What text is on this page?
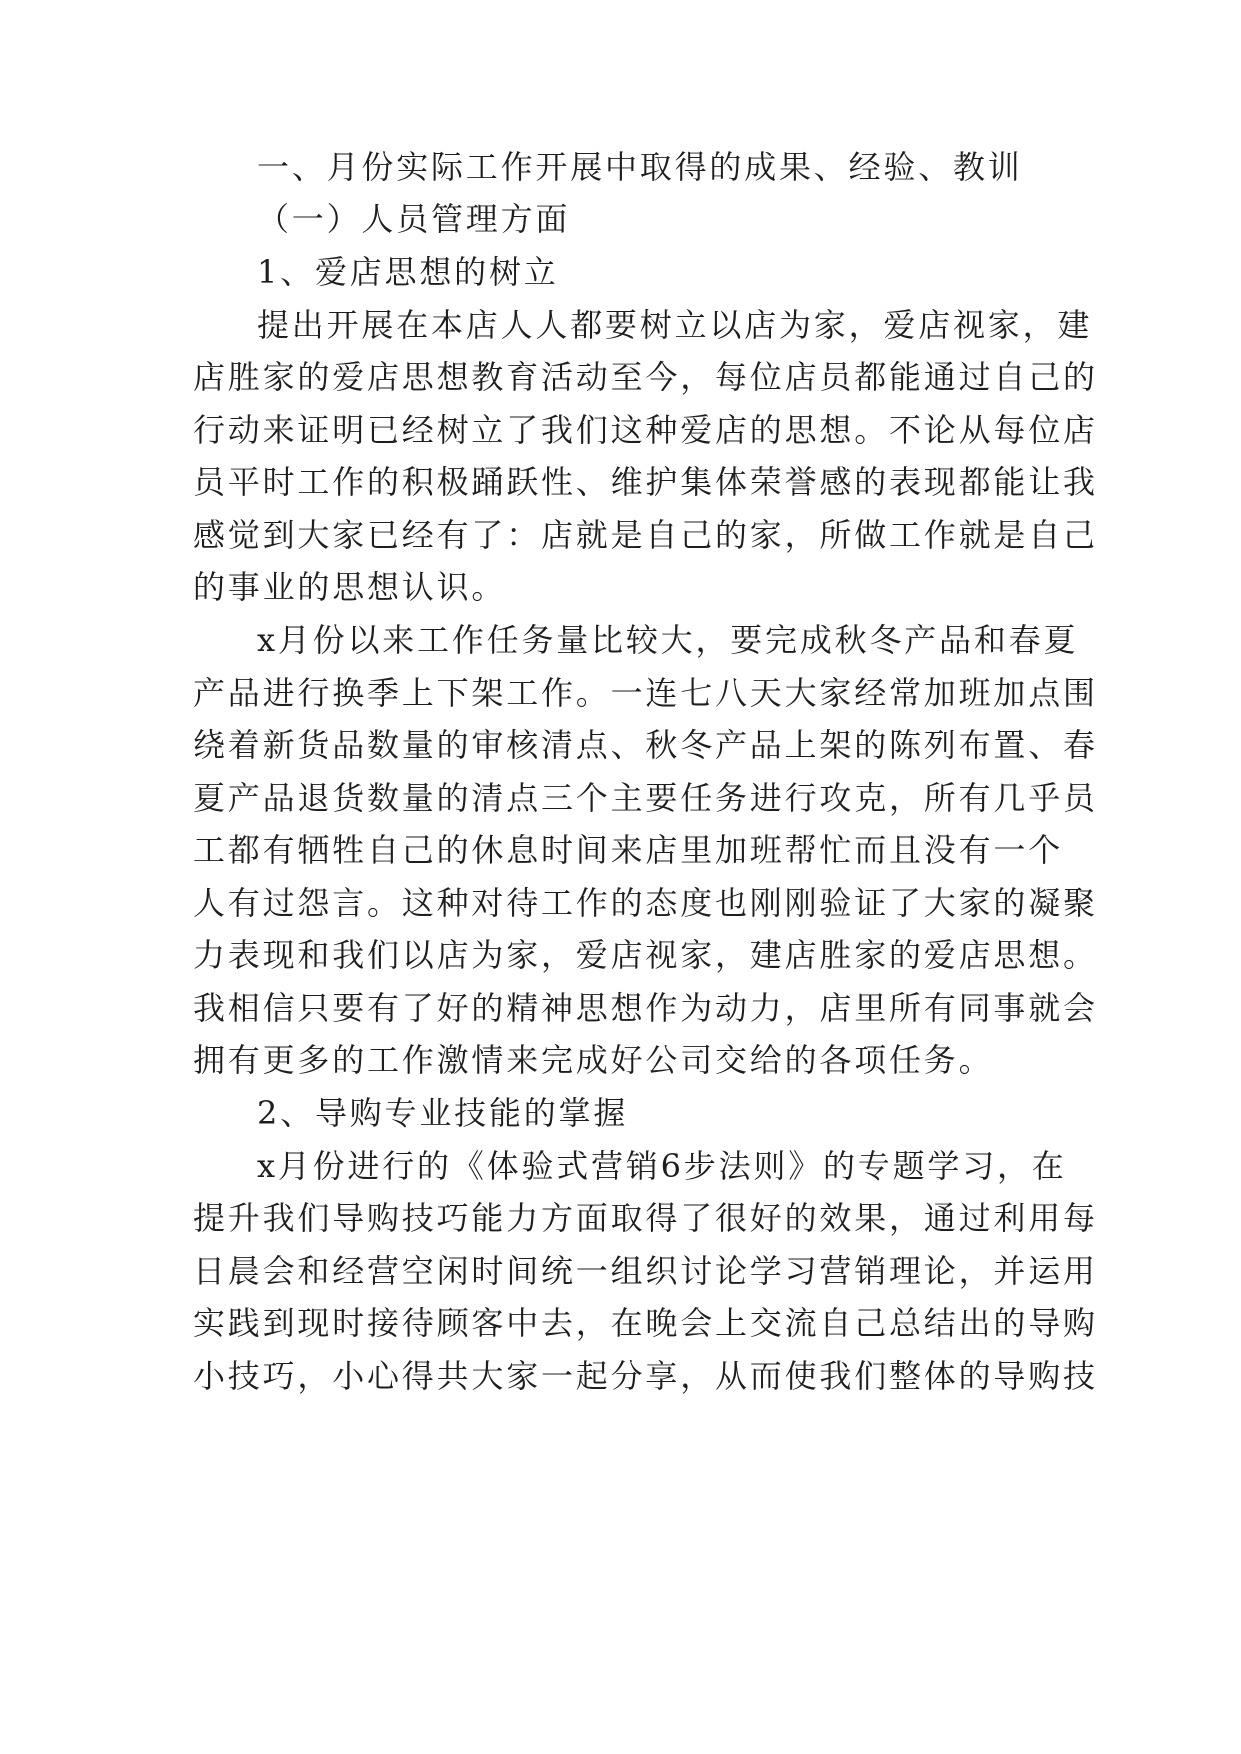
一、月份实际工作开展中取得的成果、经验、教训
（一）人员管理方面
1、爱店思想的树立
提出开展在本店人人都要树立以店为家，爱店视家，建
店胜家的爱店思想教育活动至今，每位店员都能通过自己的
行动来证明已经树立了我们这种爱店的思想。不论从每位店
员平时工作的积极踊跃性、维护集体荣誉感的表现都能让我
感觉到大家已经有了：店就是自己的家，所做工作就是自己
的事业的思想认识。
x月份以来工作任务量比较大，要完成秋冬产品和春夏
产品进行换季上下架工作。一连七八天大家经常加班加点围
绕着新货品数量的审核清点、秋冬产品上架的陈列布置、春
夏产品退货数量的清点三个主要任务进行攻克，所有几乎员
工都有牺牲自己的休息时间来店里加班帮忙而且没有一个
人有过怨言。这种对待工作的态度也刚刚验证了大家的凝聚
力表现和我们以店为家，爱店视家，建店胜家的爱店思想。
我相信只要有了好的精神思想作为动力，店里所有同事就会
拥有更多的工作激情来完成好公司交给的各项任务。
2、导购专业技能的掌握
x月份进行的《体验式营销6步法则》的专题学习，在
提升我们导购技巧能力方面取得了很好的效果，通过利用每
日晨会和经营空闲时间统一组织讨论学习营销理论，并运用
实践到现时接待顾客中去，在晚会上交流自己总结出的导购
小技巧，小心得共大家一起分享，从而使我们整体的导购技
